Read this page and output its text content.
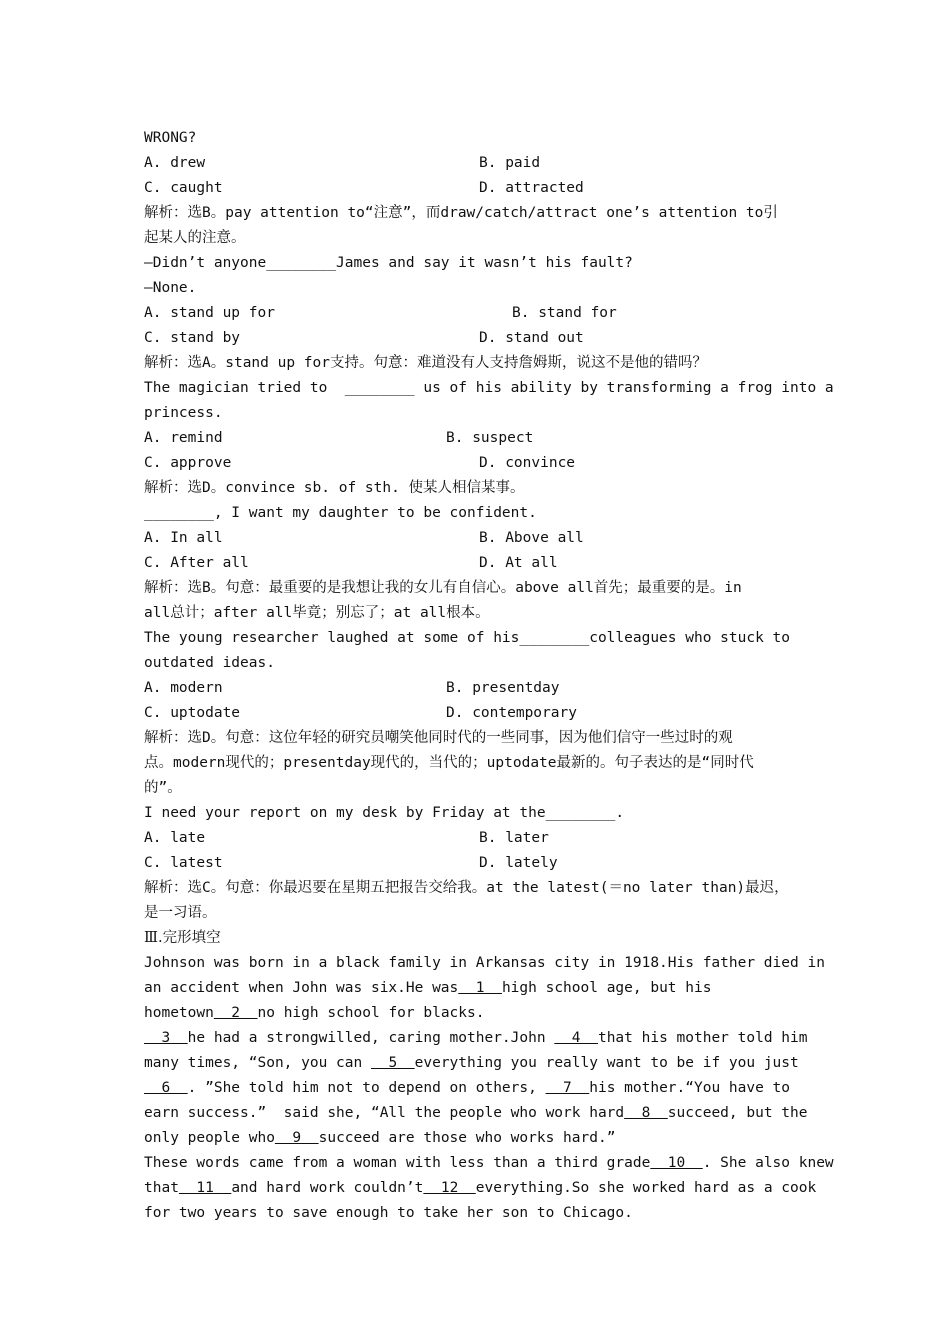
WRONG?
A. drew	B. paid
C. caught	D. attracted
解析：选B。pay attention to“注意”，而draw/catch/attract one’s attention to引
起某人的注意。
—Didn’t anyone________James and say it wasn’t his fault?
—None.
A. stand up for	B. stand for
C. stand by	D. stand out
解析：选A。stand up for支持。句意：难道没有人支持詹姆斯，说这不是他的错吗？
The magician tried to  ________ us of his ability by transforming a frog into a
princess.
A. remind	B. suspect
C. approve	D. convince
解析：选D。convince sb. of sth. 使某人相信某事。
________, I want my daughter to be confident.
A. In all	B. Above all
C. After all	D. At all
解析：选B。句意：最重要的是我想让我的女儿有自信心。above all首先；最重要的是。in
all总计；after all毕竟；别忘了；at all根本。
The young researcher laughed at some of his________colleagues who stuck to
outdated ideas.
A. modern	B. presentday
C. uptodate	D. contemporary
解析：选D。句意：这位年轻的研究员嘲笑他同时代的一些同事，因为他们信守一些过时的观
点。modern现代的；presentday现代的，当代的；uptodate最新的。句子表达的是“同时代
的”。
I need your report on my desk by Friday at the________.
A. late	B. later
C. latest	D. lately
解析：选C。句意：你最迟要在星期五把报告交给我。at the latest(＝no later than)最迟，
是一习语。
Ⅲ.完形填空
Johnson was born in a black family in Arkansas city in 1918.His father died in
an accident when John was six.He was  1  high school age, but his
hometown  2  no high school for blacks.
3  he had a strongwilled, caring mother.John   4  that his mother told him
many times, “Son, you can   5  everything you really want to be if you just
6  . ”She told him not to depend on others,   7  his mother.“You have to
earn success.”  said she, “All the people who work hard  8  succeed, but the
only people who  9  succeed are those who works hard.”
These words came from a woman with less than a third grade  10  . She also knew
that  11  and hard work couldn’t  12  everything.So she worked hard as a cook
for two years to save enough to take her son to Chicago.
